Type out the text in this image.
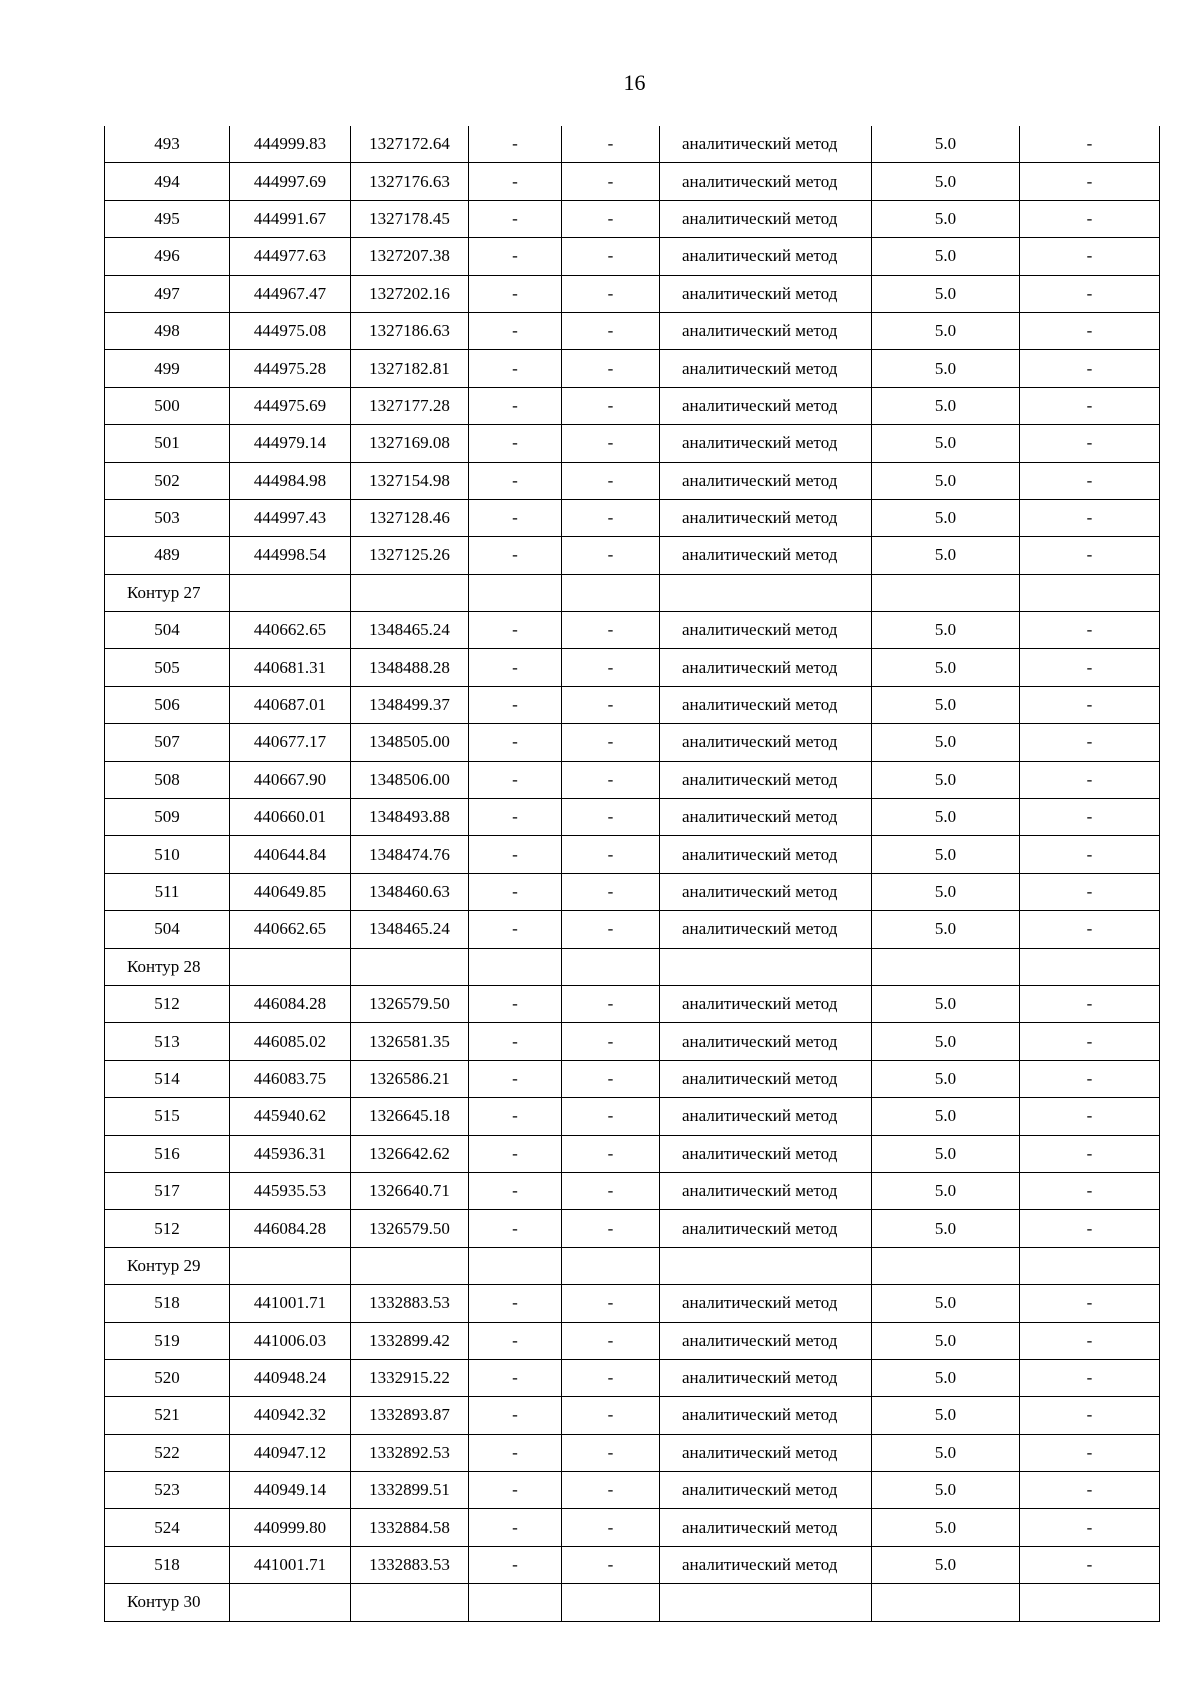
16
493	444999.83	1327172.64	-	-	аналитический метод	5.0	-
494	444997.69	1327176.63	-	-	аналитический метод	5.0	-
495	444991.67	1327178.45	-	-	аналитический метод	5.0	-
496	444977.63	1327207.38	-	-	аналитический метод	5.0	-
497	444967.47	1327202.16	-	-	аналитический метод	5.0	-
498	444975.08	1327186.63	-	-	аналитический метод	5.0	-
499	444975.28	1327182.81	-	-	аналитический метод	5.0	-
500	444975.69	1327177.28	-	-	аналитический метод	5.0	-
501	444979.14	1327169.08	-	-	аналитический метод	5.0	-
502	444984.98	1327154.98	-	-	аналитический метод	5.0	-
503	444997.43	1327128.46	-	-	аналитический метод	5.0	-
489	444998.54	1327125.26	-	-	аналитический метод	5.0	-
Контур 27							
504	440662.65	1348465.24	-	-	аналитический метод	5.0	-
505	440681.31	1348488.28	-	-	аналитический метод	5.0	-
506	440687.01	1348499.37	-	-	аналитический метод	5.0	-
507	440677.17	1348505.00	-	-	аналитический метод	5.0	-
508	440667.90	1348506.00	-	-	аналитический метод	5.0	-
509	440660.01	1348493.88	-	-	аналитический метод	5.0	-
510	440644.84	1348474.76	-	-	аналитический метод	5.0	-
511	440649.85	1348460.63	-	-	аналитический метод	5.0	-
504	440662.65	1348465.24	-	-	аналитический метод	5.0	-
Контур 28							
512	446084.28	1326579.50	-	-	аналитический метод	5.0	-
513	446085.02	1326581.35	-	-	аналитический метод	5.0	-
514	446083.75	1326586.21	-	-	аналитический метод	5.0	-
515	445940.62	1326645.18	-	-	аналитический метод	5.0	-
516	445936.31	1326642.62	-	-	аналитический метод	5.0	-
517	445935.53	1326640.71	-	-	аналитический метод	5.0	-
512	446084.28	1326579.50	-	-	аналитический метод	5.0	-
Контур 29							
518	441001.71	1332883.53	-	-	аналитический метод	5.0	-
519	441006.03	1332899.42	-	-	аналитический метод	5.0	-
520	440948.24	1332915.22	-	-	аналитический метод	5.0	-
521	440942.32	1332893.87	-	-	аналитический метод	5.0	-
522	440947.12	1332892.53	-	-	аналитический метод	5.0	-
523	440949.14	1332899.51	-	-	аналитический метод	5.0	-
524	440999.80	1332884.58	-	-	аналитический метод	5.0	-
518	441001.71	1332883.53	-	-	аналитический метод	5.0	-
Контур 30							
